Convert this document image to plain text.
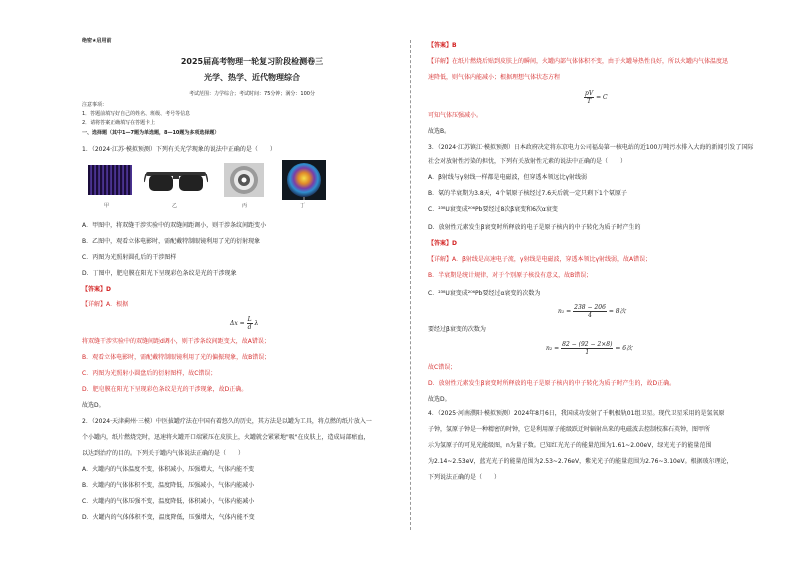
绝密★启用前
2025届高考物理一轮复习阶段检测卷三
光学、热学、近代物理综合
考试范围：力学综合；考试时间：75分钟；满分：100分
注意事项：
1．答题前填写好自己的姓名、班级、考号等信息
2．请将答案正确填写在答题卡上
一、选择题（其中1—7题为单选题，8—10题为多项选择题）
1．（2024·江苏·模拟预测）下列有关光学现象的说法中正确的是（　　）
甲	乙	丙	丁
A．甲图中，将双缝干涉实验中的双缝间距调小，则干涉条纹间距变小
B．乙图中，观看立体电影时，需配戴特制眼镜利用了光的衍射现象
C．丙图为光照射圆孔后的干涉图样
D．丁图中，肥皂膜在阳光下呈现彩色条纹是光的干涉现象
【答案】D
【详解】A．根据
$\Delta x = \frac{L}{d}$ λ
将双缝干涉实验中的双缝间距d调小，则干涉条纹间距变大，故A错误；
B．观看立体电影时，需配戴特制眼镜利用了光的偏振现象，故B错误；
C．丙图为光照射小圆盘后的衍射图样，故C错误；
D．肥皂膜在阳光下呈现彩色条纹是光的干涉现象，故D正确。
故选D。
2．（2024·天津蓟州·三模）中医拔罐疗法在中国有着悠久的历史，其方法是以罐为工具，将点燃的纸片放入一
个小罐内，纸片燃烧完时，迅速将火罐开口端紧压在皮肤上，火罐就会紧紧地"吸"在皮肤上，造成局部瘀血，
以达到治疗的目的。下列关于罐内气体说法正确的是（　　）
A．火罐内的气体温度不变，体积减小，压强增大，气体内能不变
B．火罐内的气体体积不变，温度降低，压强减小，气体内能减小
C．火罐内的气体压强不变，温度降低，体积减小，气体内能减小
D．火罐内的气体体积不变，温度降低，压强增大，气体内能不变
【答案】B
【详解】在纸片燃烧后贴到皮肤上的瞬间，火罐内部气体体积不变，由于火罐导热性良好，所以火罐内气体温度迅
速降低，则气体内能减小；根据理想气体状态方程
$\frac{pV}{T} = C$
可知气体压强减小。
故选B。
3．（2024·江苏镇江·模拟预测）日本政府决定将东京电力公司福岛第一核电站的近100万吨污水排入大海的新闻引发了国际
社会对放射性污染的担忧，下列有关放射性元素的说法中正确的是（　　）
A．β射线与γ射线一样都是电磁波，但穿透本领远比γ射线弱
B．氡的半衰期为3.8天，4个氡原子核经过7.6天后就一定只剩下1个氡原子
C．²³⁸U衰变成²⁰⁶Pb要经过8次β衰变和6次α衰变
D．放射性元素发生β衰变时所释放的电子是原子核内的中子转化为质子时产生的
【答案】D
【详解】A．β射线是高速电子流，γ射线是电磁波，穿透本领比γ射线弱，故A错误；
B．半衰期是统计规律，对于个别原子核没有意义，故B错误；
C．²³⁸U衰变成²⁰⁶Pb要经过α衰变的次数为
$n_1 = \frac{238 - 206}{4} = 8$次
要经过β衰变的次数为
$n_2 = \frac{82 - (92 - 2\times 8)}{1} = 6$次
故C错误；
D．放射性元素发生β衰变时所释放的电子是原子核内的中子转化为质子时产生的，故D正确。
故选D。
4．（2025·河南濮阳·模拟预测）2024年8月6日，我国成功发射了千帆极轨01组卫星。现代卫星采用的是氢氧原
子钟，氢原子钟是一种精密的时钟，它是利用原子能级跃迁时辐射出来的电磁波去控制校准石英钟，图甲所
示为氢原子的可见光能级图，n为量子数。已知红光光子的能量范围为1.61~2.00eV，绿光光子的能量范围
为2.14~2.53eV，蓝光光子的能量范围为2.53~2.76eV，紫光光子的能量范围为2.76~3.10eV。根据玻尔理论，
下列说法正确的是（　　）
